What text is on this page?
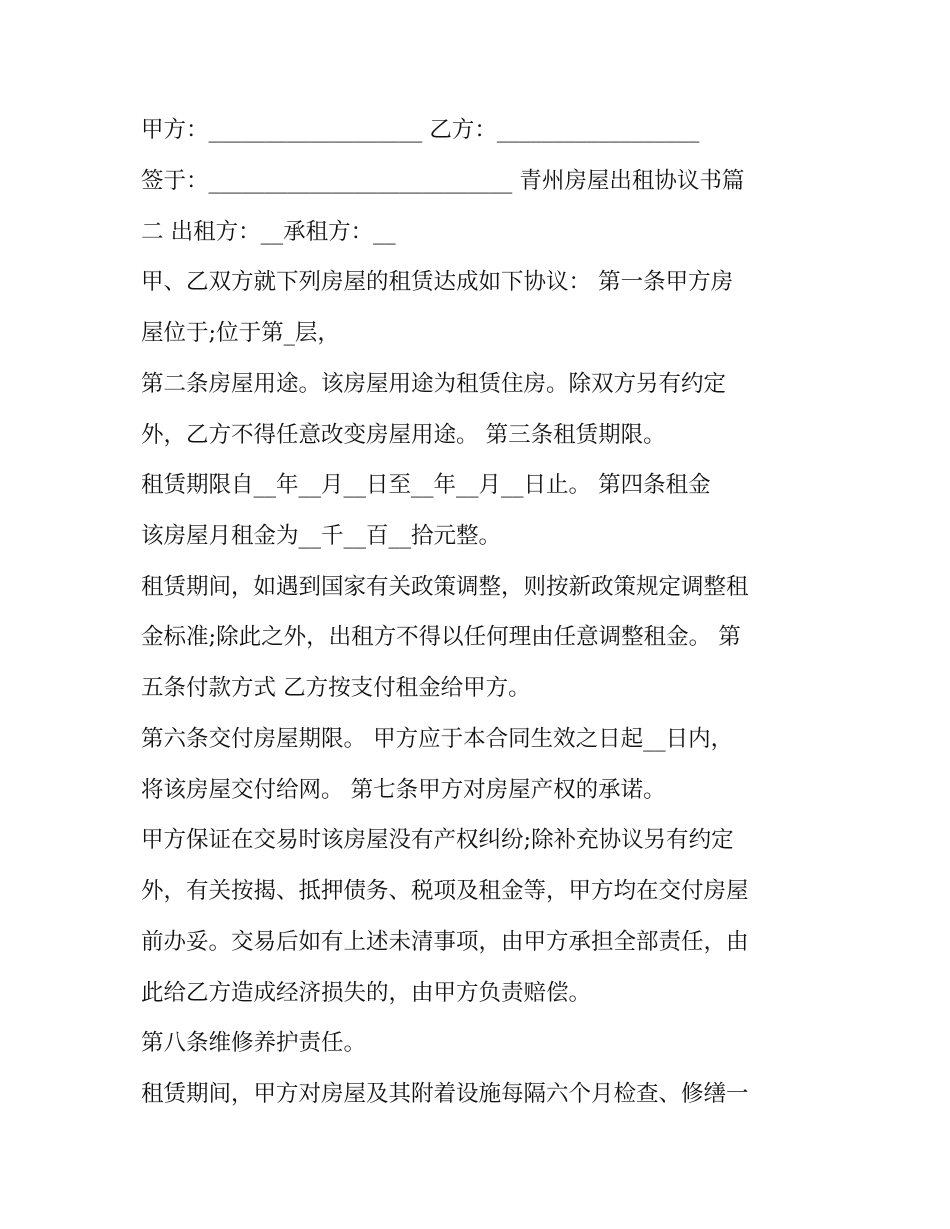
甲方：___________________ 乙方：__________________
签于：___________________________ 青州房屋出租协议书篇
二 出租方：__承租方：__
甲、乙双方就下列房屋的租赁达成如下协议： 第一条甲方房
屋位于;位于第_层，
第二条房屋用途。该房屋用途为租赁住房。除双方另有约定
外，乙方不得任意改变房屋用途。 第三条租赁期限。
租赁期限自__年__月__日至__年__月__日止。 第四条租金
该房屋月租金为__千__百__拾元整。
租赁期间，如遇到国家有关政策调整，则按新政策规定调整租
金标准;除此之外，出租方不得以任何理由任意调整租金。 第
五条付款方式 乙方按支付租金给甲方。
第六条交付房屋期限。 甲方应于本合同生效之日起__日内，
将该房屋交付给网。 第七条甲方对房屋产权的承诺。
甲方保证在交易时该房屋没有产权纠纷;除补充协议另有约定
外，有关按揭、抵押债务、税项及租金等，甲方均在交付房屋
前办妥。交易后如有上述未清事项，由甲方承担全部责任，由
此给乙方造成经济损失的，由甲方负责赔偿。
第八条维修养护责任。
租赁期间，甲方对房屋及其附着设施每隔六个月检查、修缮一
